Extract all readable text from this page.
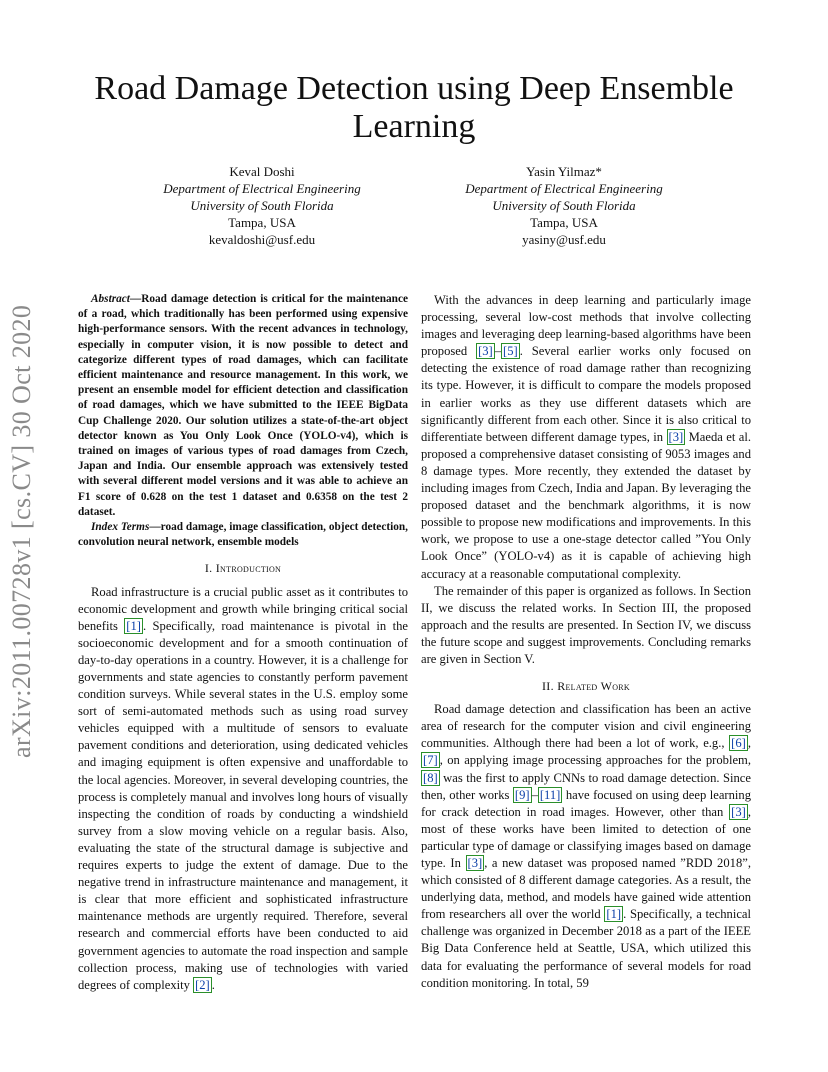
arXiv:2011.00728v1 [cs.CV] 30 Oct 2020
Road Damage Detection using Deep Ensemble Learning
Keval Doshi
Department of Electrical Engineering
University of South Florida
Tampa, USA
kevaldoshi@usf.edu
Yasin Yilmaz*
Department of Electrical Engineering
University of South Florida
Tampa, USA
yasiny@usf.edu

Abstract—Road damage detection is critical for the maintenance of a road, which traditionally has been performed using expensive high-performance sensors. With the recent advances in technology, especially in computer vision, it is now possible to detect and categorize different types of road damages, which can facilitate efficient maintenance and resource management. In this work, we present an ensemble model for efficient detection and classification of road damages, which we have submitted to the IEEE BigData Cup Challenge 2020. Our solution utilizes a state-of-the-art object detector known as You Only Look Once (YOLO-v4), which is trained on images of various types of road damages from Czech, Japan and India. Our ensemble approach was extensively tested with several different model versions and it was able to achieve an F1 score of 0.628 on the test 1 dataset and 0.6358 on the test 2 dataset.

Index Terms—road damage, image classification, object detection, convolution neural network, ensemble models

I. Introduction

Road infrastructure is a crucial public asset as it contributes to economic development and growth while bringing critical social benefits [1] . Specifically, road maintenance is pivotal in the socioeconomic development and for a smooth continuation of day-to-day operations in a country. However, it is a challenge for governments and state agencies to constantly perform pavement condition surveys. While several states in the U.S. employ some sort of semi-automated methods such as using road survey vehicles equipped with a multitude of sensors to evaluate pavement conditions and deterioration, using dedicated vehicles and imaging equipment is often expensive and unaffordable to the local agencies. Moreover, in several developing countries, the process is completely manual and involves long hours of visually inspecting the condition of roads by conducting a windshield survey from a slow moving vehicle on a regular basis. Also, evaluating the state of the structural damage is subjective and requires experts to judge the extent of damage. Due to the negative trend in infrastructure maintenance and management, it is clear that more efficient and sophisticated infrastructure maintenance methods are urgently required. Therefore, several research and commercial efforts have been conducted to aid government agencies to automate the road inspection and sample collection process, making use of technologies with varied degrees of complexity [2] .

With the advances in deep learning and particularly image processing, several low-cost methods that involve collecting images and leveraging deep learning-based algorithms have been proposed [3] – [5] . Several earlier works only focused on detecting the existence of road damage rather than recognizing its type. However, it is difficult to compare the models proposed in earlier works as they use different datasets which are significantly different from each other. Since it is also critical to differentiate between different damage types, in [3] Maeda et al. proposed a comprehensive dataset consisting of 9053 images and 8 damage types. More recently, they extended the dataset by including images from Czech, India and Japan. By leveraging the proposed dataset and the benchmark algorithms, it is now possible to propose new modifications and improvements. In this work, we propose to use a one-stage detector called ”You Only Look Once” (YOLO-v4) as it is capable of achieving high accuracy at a reasonable computational complexity.

The remainder of this paper is organized as follows. In Section II, we discuss the related works. In Section III, the proposed approach and the results are presented. In Section IV, we discuss the future scope and suggest improvements. Concluding remarks are given in Section V.

II. Related Work

Road damage detection and classification has been an active area of research for the computer vision and civil engineering communities. Although there had been a lot of work, e.g., [6] , [7] , on applying image processing approaches for the problem, [8] was the first to apply CNNs to road damage detection. Since then, other works [9] – [11] have focused on using deep learning for crack detection in road images. However, other than [3] , most of these works have been limited to detection of one particular type of damage or classifying images based on damage type. In [3] , a new dataset was proposed named ”RDD 2018”, which consisted of 8 different damage categories. As a result, the underlying data, method, and models have gained wide attention from researchers all over the world [1] . Specifically, a technical challenge was organized in December 2018 as a part of the IEEE Big Data Conference held at Seattle, USA, which utilized this data for evaluating the performance of several models for road condition monitoring. In total, 59
